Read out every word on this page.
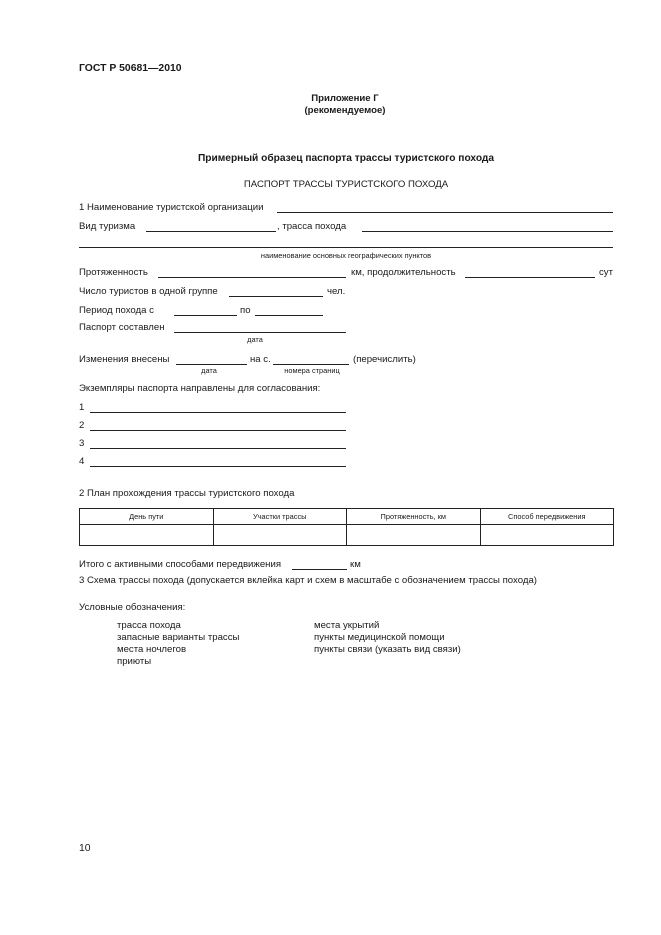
ГОСТ Р 50681—2010
Приложение Г
(рекомендуемое)
Примерный образец паспорта трассы туристского похода
ПАСПОРТ ТРАССЫ ТУРИСТСКОГО ПОХОДА
1 Наименование туристской организации
Вид туризма	, трасса похода
наименование основных географических пунктов
Протяженность	км, продолжительность	сут
Число туристов в одной группе	чел.
Период похода с	по
Паспорт составлен
дата
Изменения внесены	на с.	(перечислить)
дата	номера страниц
Экземпляры паспорта направлены для согласования:
1
2
3
4
2 План прохождения трассы туристского похода
День пути	Участки трассы	Протяженность, км	Способ передвижения

Итого с активными способами передвижения	км
3 Схема трассы похода (допускается вклейка карт и схем в масштабе с обозначением трассы похода)
Условные обозначения:
трасса похода
запасные варианты трассы
места ночлегов
приюты
места укрытий
пункты медицинской помощи
пункты связи (указать вид связи)
10
